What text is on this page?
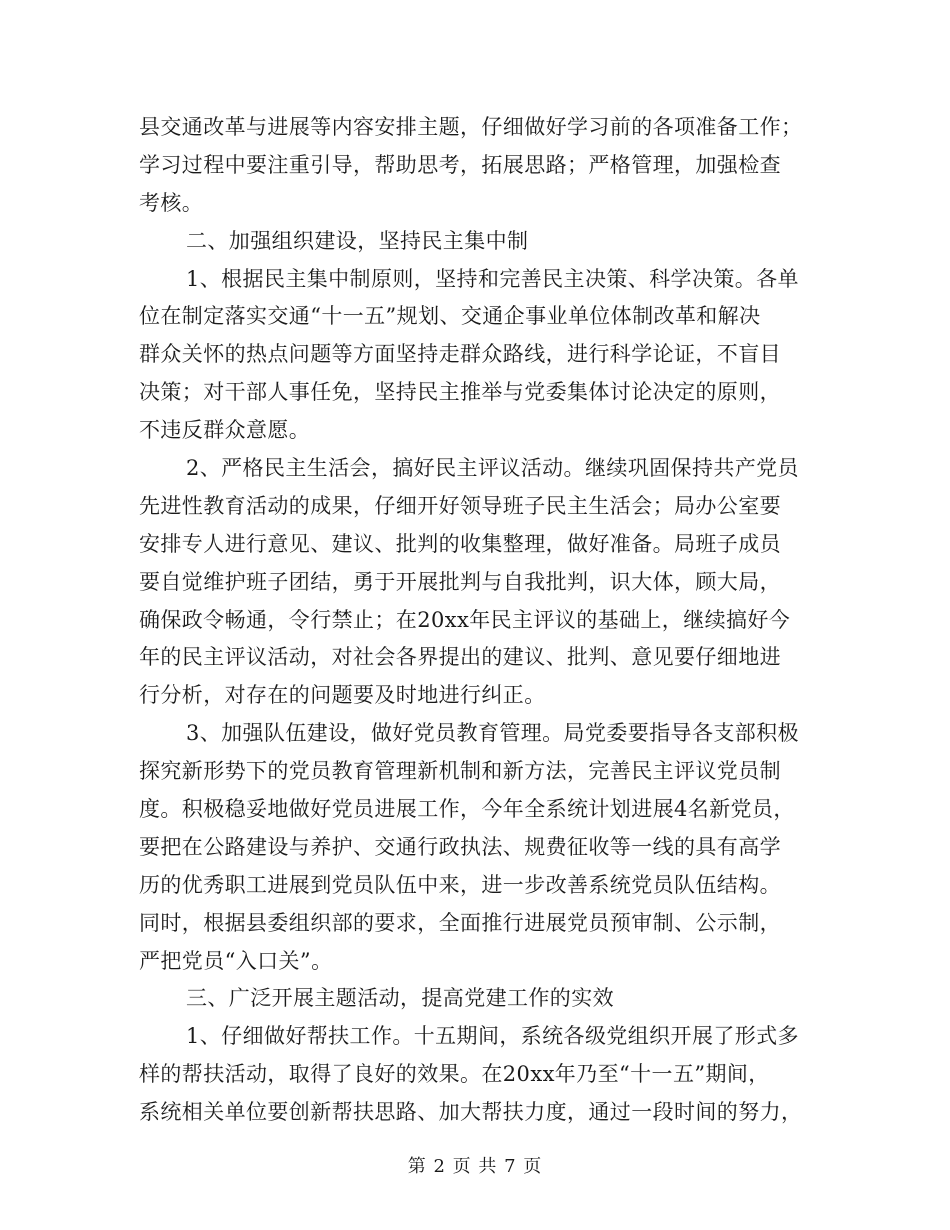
县交通改革与进展等内容安排主题，仔细做好学习前的各项准备工作；
学习过程中要注重引导，帮助思考，拓展思路；严格管理，加强检查
考核。
二、加强组织建设，坚持民主集中制
1、根据民主集中制原则，坚持和完善民主决策、科学决策。各单
位在制定落实交通“十一五”规划、交通企事业单位体制改革和解决
群众关怀的热点问题等方面坚持走群众路线，进行科学论证，不盲目
决策；对干部人事任免，坚持民主推举与党委集体讨论决定的原则，
不违反群众意愿。
2、严格民主生活会，搞好民主评议活动。继续巩固保持共产党员
先进性教育活动的成果，仔细开好领导班子民主生活会；局办公室要
安排专人进行意见、建议、批判的收集整理，做好准备。局班子成员
要自觉维护班子团结，勇于开展批判与自我批判，识大体，顾大局，
确保政令畅通，令行禁止；在20xx年民主评议的基础上，继续搞好今
年的民主评议活动，对社会各界提出的建议、批判、意见要仔细地进
行分析，对存在的问题要及时地进行纠正。
3、加强队伍建设，做好党员教育管理。局党委要指导各支部积极
探究新形势下的党员教育管理新机制和新方法，完善民主评议党员制
度。积极稳妥地做好党员进展工作，今年全系统计划进展4名新党员，
要把在公路建设与养护、交通行政执法、规费征收等一线的具有高学
历的优秀职工进展到党员队伍中来，进一步改善系统党员队伍结构。
同时，根据县委组织部的要求，全面推行进展党员预审制、公示制，
严把党员“入口关”。
三、广泛开展主题活动，提高党建工作的实效
1、仔细做好帮扶工作。十五期间，系统各级党组织开展了形式多
样的帮扶活动，取得了良好的效果。在20xx年乃至“十一五”期间，
系统相关单位要创新帮扶思路、加大帮扶力度，通过一段时间的努力，
第 2 页 共 7 页
